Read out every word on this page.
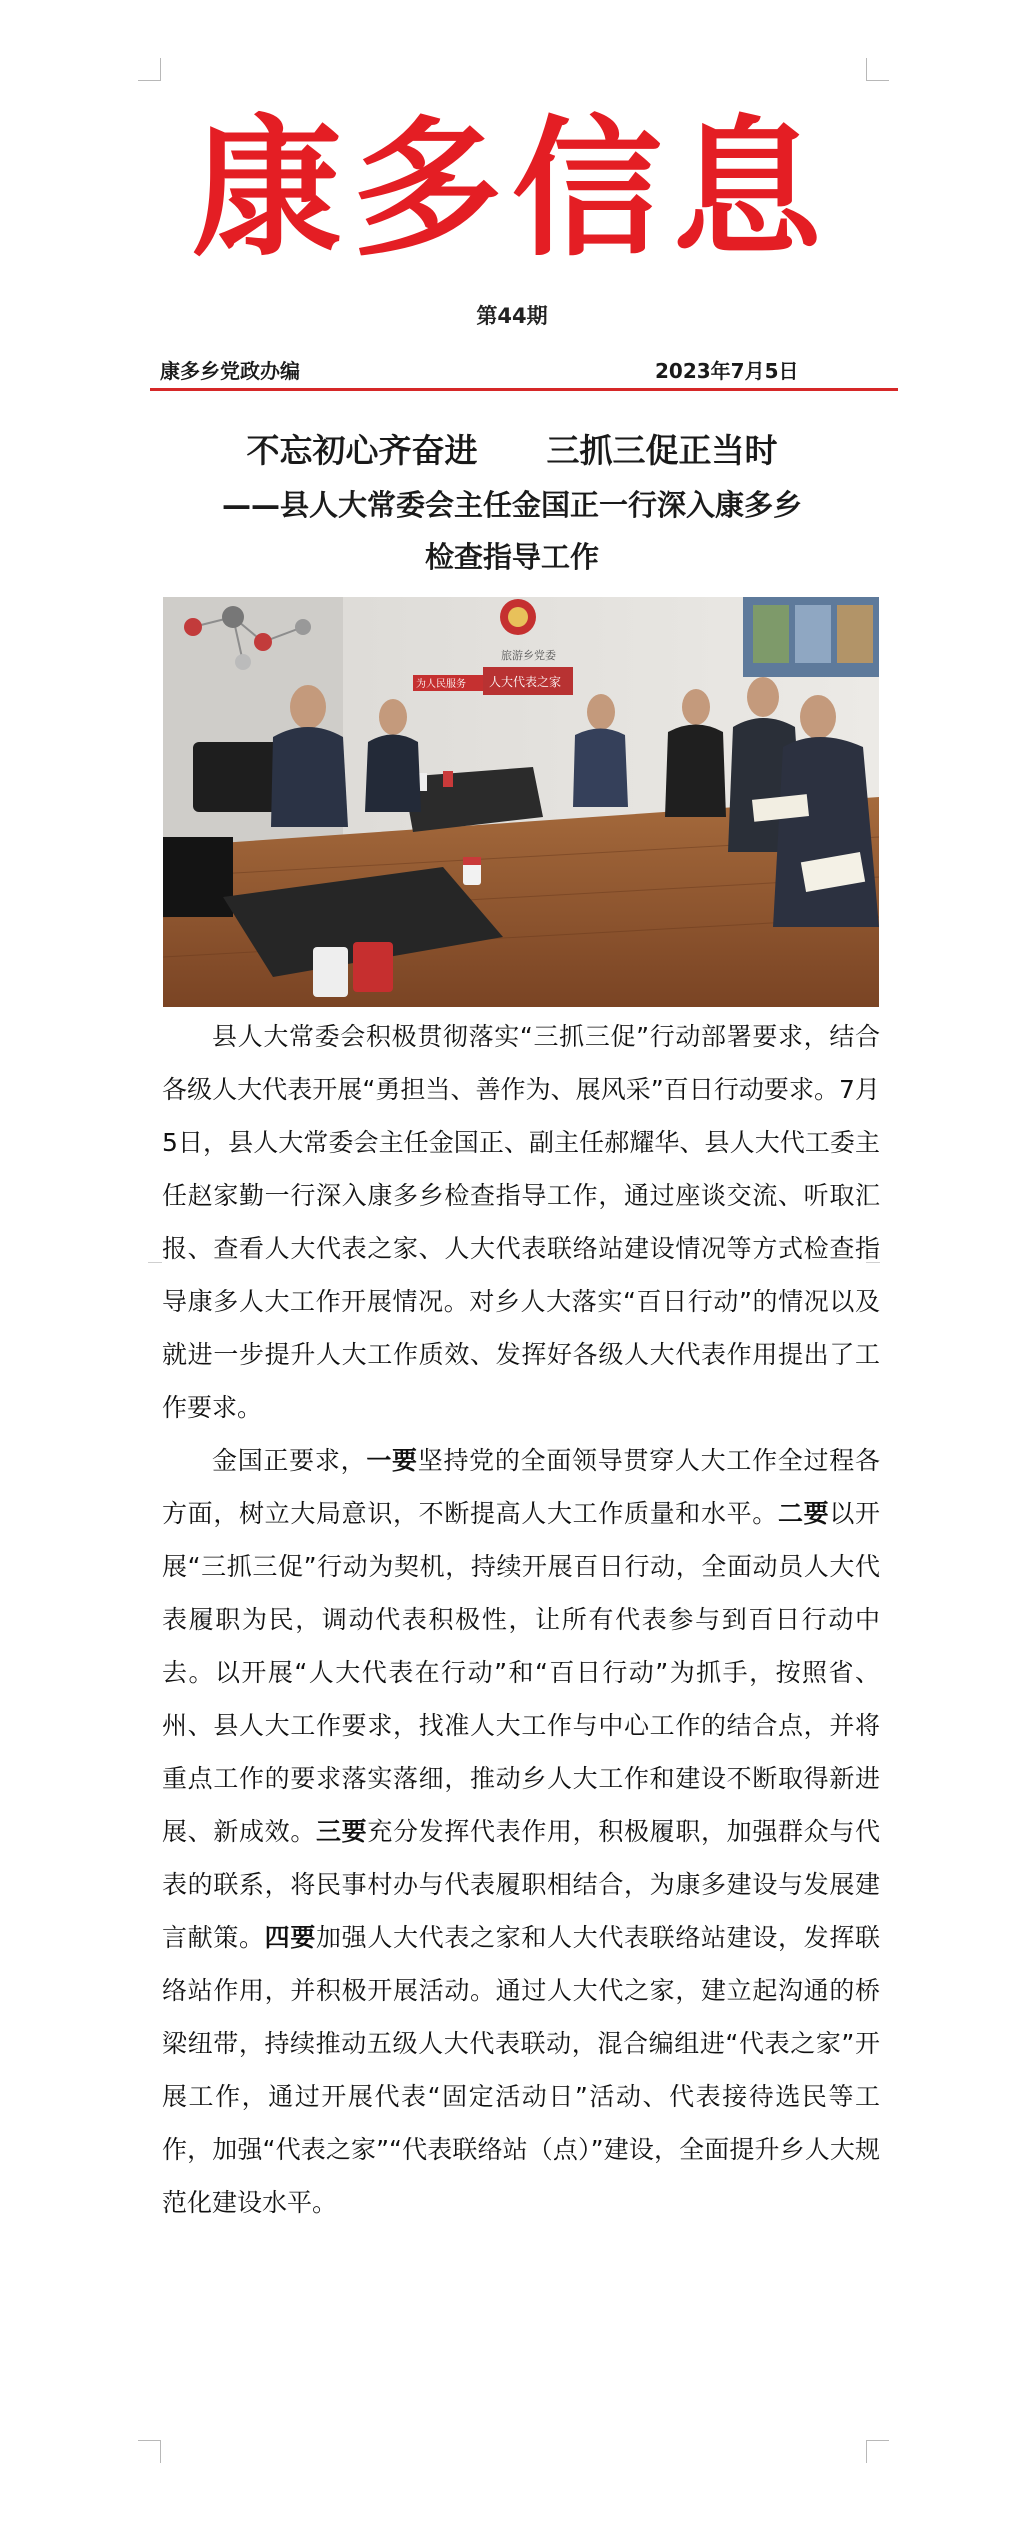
康多信息
第44期
康多乡党政办编	2023年7月5日
不忘初心齐奋进      三抓三促正当时
——县人大常委会主任金国正一行深入康多乡
检查指导工作
旅游乡党委
为人民服务 人大代表之家

县人大常委会积极贯彻落实“三抓三促”行动部署要求，结合各级人大代表开展“勇担当、善作为、展风采”百日行动要求。7月5日，县人大常委会主任金国正、副主任郝耀华、县人大代工委主任赵家勤一行深入康多乡检查指导工作，通过座谈交流、听取汇报、查看人大代表之家、人大代表联络站建设情况等方式检查指导康多人大工作开展情况。对乡人大落实“百日行动”的情况以及就进一步提升人大工作质效、发挥好各级人大代表作用提出了工作要求。

金国正要求，一要坚持党的全面领导贯穿人大工作全过程各方面，树立大局意识，不断提高人大工作质量和水平。二要以开展“三抓三促”行动为契机，持续开展百日行动，全面动员人大代表履职为民，调动代表积极性，让所有代表参与到百日行动中去。以开展“人大代表在行动”和“百日行动”为抓手，按照省、州、县人大工作要求，找准人大工作与中心工作的结合点，并将重点工作的要求落实落细，推动乡人大工作和建设不断取得新进展、新成效。三要充分发挥代表作用，积极履职，加强群众与代表的联系，将民事村办与代表履职相结合，为康多建设与发展建言献策。四要加强人大代表之家和人大代表联络站建设，发挥联络站作用，并积极开展活动。通过人大代之家，建立起沟通的桥梁纽带，持续推动五级人大代表联动，混合编组进“代表之家”开展工作，通过开展代表“固定活动日”活动、代表接待选民等工作，加强“代表之家”“代表联络站（点）”建设，全面提升乡人大规范化建设水平。
